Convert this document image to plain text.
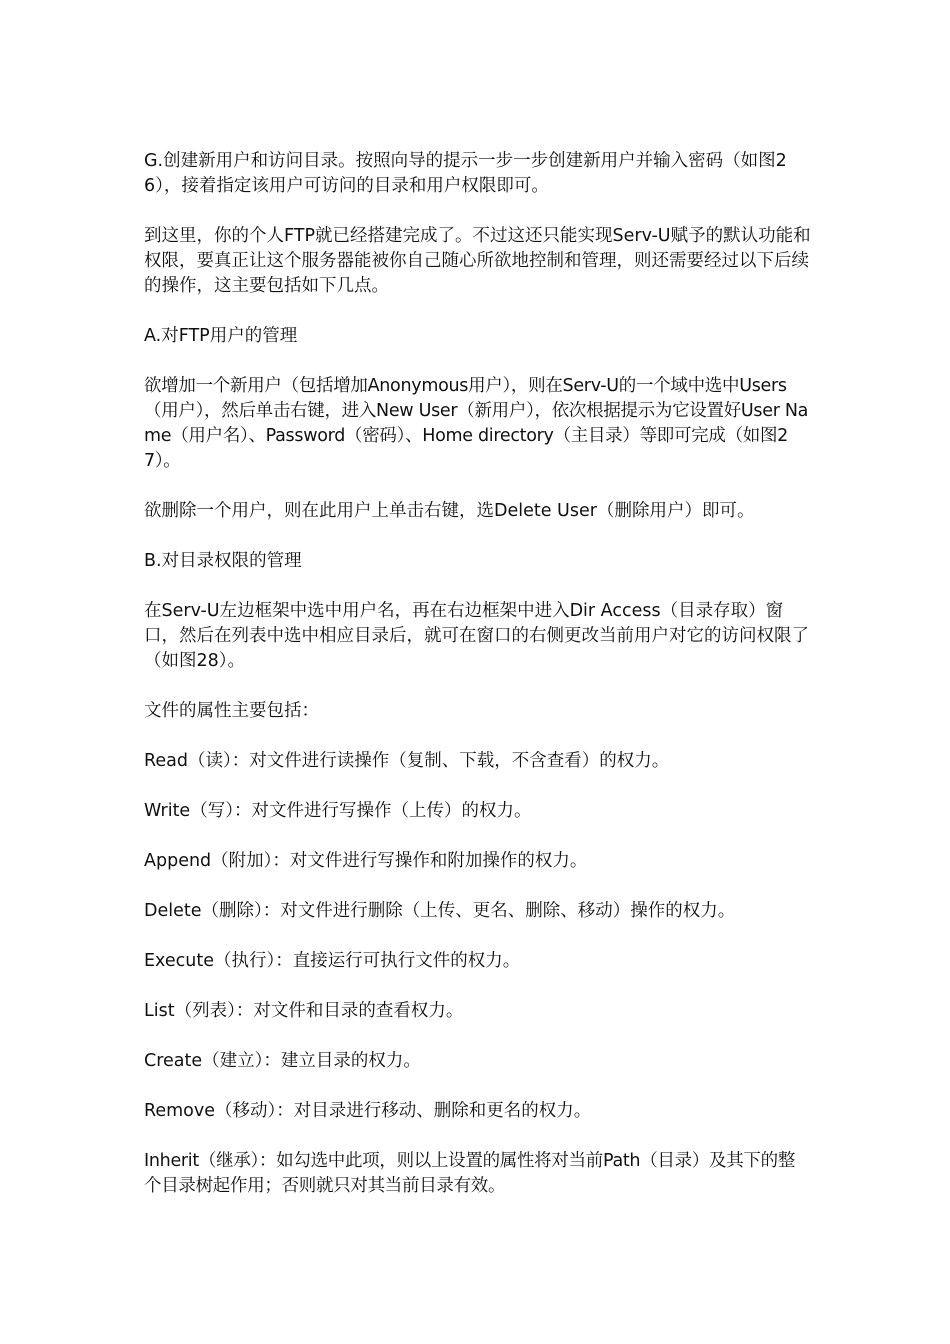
G.创建新用户和访问目录。按照向导的提示一步一步创建新用户并输入密码（如图26），接着指定该用户可访问的目录和用户权限即可。

到这里，你的个人FTP就已经搭建完成了。不过这还只能实现Serv-U赋予的默认功能和权限，要真正让这个服务器能被你自己随心所欲地控制和管理，则还需要经过以下后续的操作，这主要包括如下几点。

A.对FTP用户的管理

欲增加一个新用户（包括增加Anonymous用户），则在Serv-U的一个域中选中Users（用户），然后单击右键，进入New User（新用户），依次根据提示为它设置好User Name（用户名）、Password（密码）、Home directory（主目录）等即可完成（如图27）。

欲删除一个用户，则在此用户上单击右键，选Delete User（删除用户）即可。

B.对目录权限的管理

在Serv-U左边框架中选中用户名，再在右边框架中进入Dir Access（目录存取）窗口，然后在列表中选中相应目录后，就可在窗口的右侧更改当前用户对它的访问权限了（如图28）。

文件的属性主要包括：

Read（读）：对文件进行读操作（复制、下载，不含查看）的权力。

Write（写）：对文件进行写操作（上传）的权力。

Append（附加）：对文件进行写操作和附加操作的权力。

Delete（删除）：对文件进行删除（上传、更名、删除、移动）操作的权力。

Execute（执行）：直接运行可执行文件的权力。

List（列表）：对文件和目录的查看权力。

Create（建立）：建立目录的权力。

Remove（移动）：对目录进行移动、删除和更名的权力。

Inherit（继承）：如勾选中此项，则以上设置的属性将对当前Path（目录）及其下的整个目录树起作用；否则就只对其当前目录有效。
